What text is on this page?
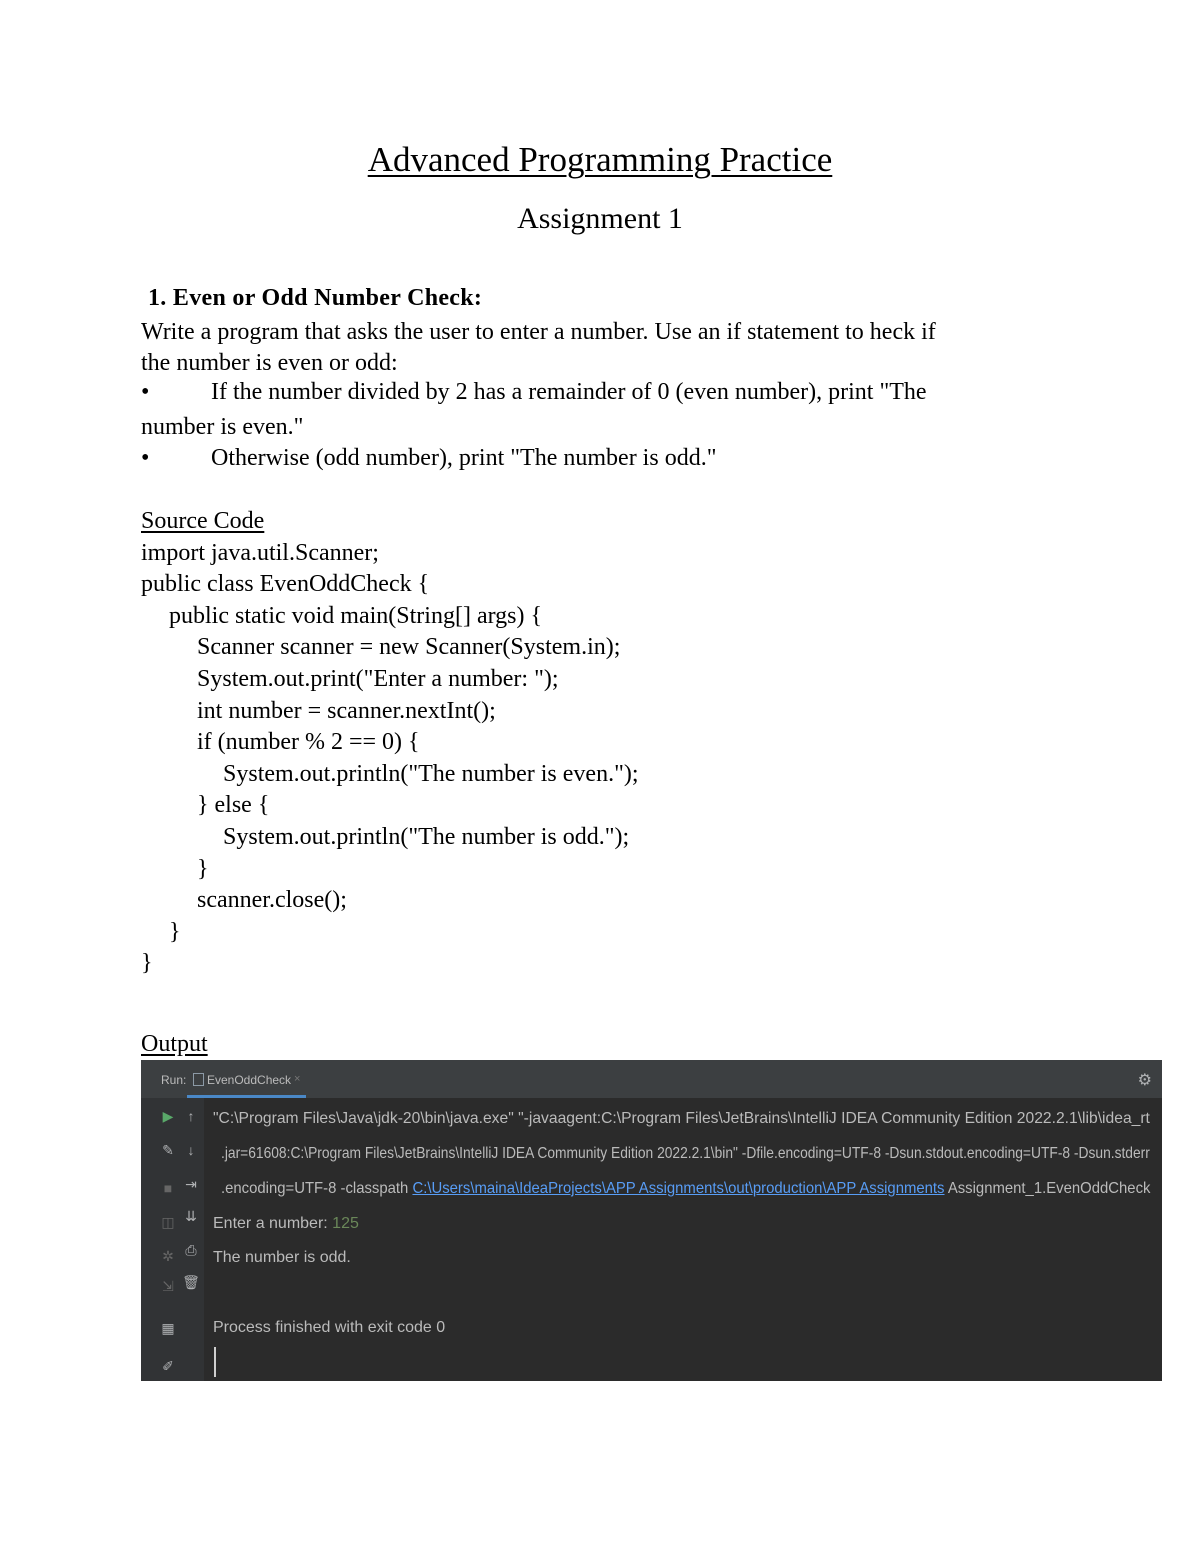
Advanced Programming Practice
Assignment 1
1. Even or Odd Number Check:
Write a program that asks the user to enter a number. Use an if statement to heck if
the number is even or odd:
•	If the number divided by 2 has a remainder of 0 (even number), print "The
number is even."
•	Otherwise (odd number), print "The number is odd."
Source Code
import java.util.Scanner;
public class EvenOddCheck {
public static void main(String[] args) {
Scanner scanner = new Scanner(System.in);
System.out.print("Enter a number: ");
int number = scanner.nextInt();
if (number % 2 == 0) {
System.out.println("The number is even.");
} else {
System.out.println("The number is odd.");
}
scanner.close();
}
}
Output
Run:	EvenOddCheck ×	⚙
▶	↑
✎ ↓
■ ⇥
◫ ⇊
✲ ⎙
⇲ 🗑
▦
✐
"C:\Program Files\Java\jdk-20\bin\java.exe" "-javaagent:C:\Program Files\JetBrains\IntelliJ IDEA Community Edition 2022.2.1\lib\idea_rt
.jar=61608:C:\Program Files\JetBrains\IntelliJ IDEA Community Edition 2022.2.1\bin" -Dfile.encoding=UTF-8 -Dsun.stdout.encoding=UTF-8 -Dsun.stderr
.encoding=UTF-8 -classpath C:\Users\maina\IdeaProjects\APP Assignments\out\production\APP Assignments Assignment_1.EvenOddCheck
Enter a number: 125
The number is odd.
Process finished with exit code 0
